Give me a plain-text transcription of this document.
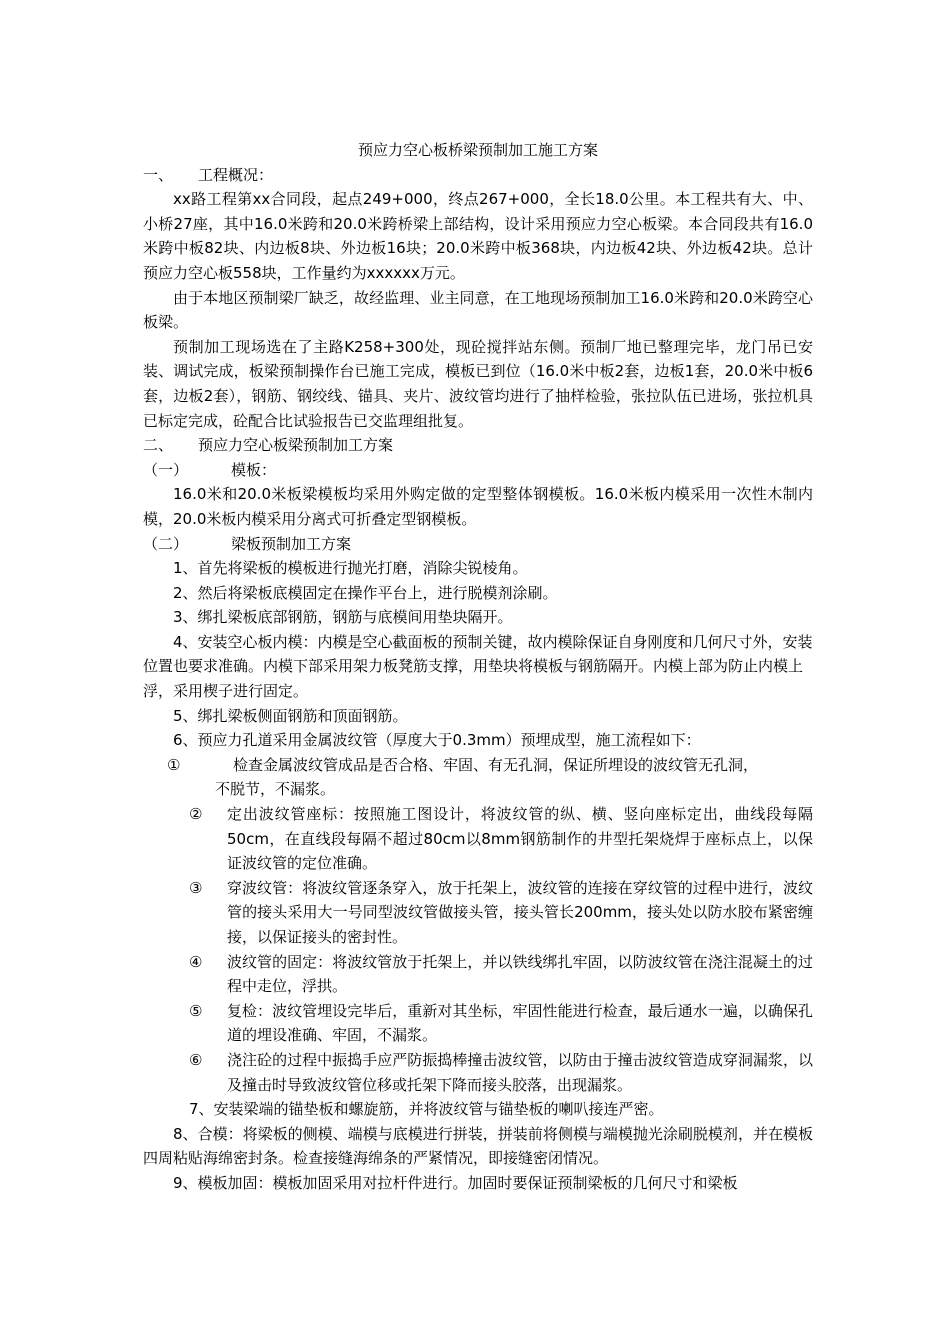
预应力空心板桥梁预制加工施工方案

一、 工程概况：

xx路工程第xx合同段，起点249+000，终点267+000，全长18.0公里。本工程共有大、中、小桥27座，其中16.0米跨和20.0米跨桥梁上部结构，设计采用预应力空心板梁。本合同段共有16.0米跨中板82块、内边板8块、外边板16块；20.0米跨中板368块，内边板42块、外边板42块。总计预应力空心板558块，工作量约为xxxxxx万元。

由于本地区预制梁厂缺乏，故经监理、业主同意，在工地现场预制加工16.0米跨和20.0米跨空心板梁。

预制加工现场选在了主路K258+300处，现砼搅拌站东侧。预制厂地已整理完毕，龙门吊已安装、调试完成，板梁预制操作台已施工完成，模板已到位（16.0米中板2套，边板1套，20.0米中板6套，边板2套），钢筋、钢绞线、锚具、夹片、波纹管均进行了抽样检验，张拉队伍已进场，张拉机具已标定完成，砼配合比试验报告已交监理组批复。

二、 预应力空心板梁预制加工方案

（一）	模板：

16.0米和20.0米板梁模板均采用外购定做的定型整体钢模板。16.0米板内模采用一次性木制内模，20.0米板内模采用分离式可折叠定型钢模板。

（二）	梁板预制加工方案

1、首先将梁板的模板进行抛光打磨，消除尖锐棱角。

2、然后将梁板底模固定在操作平台上，进行脱模剂涂刷。

3、绑扎梁板底部钢筋，钢筋与底模间用垫块隔开。

4、安装空心板内模：内模是空心截面板的预制关键，故内模除保证自身刚度和几何尺寸外，安装位置也要求准确。内模下部采用架力板凳筋支撑，用垫块将模板与钢筋隔开。内模上部为防止内模上浮，采用楔子进行固定。

5、绑扎梁板侧面钢筋和顶面钢筋。

6、预应力孔道采用金属波纹管（厚度大于0.3mm）预埋成型，施工流程如下：

①	检查金属波纹管成品是否合格、牢固、有无孔洞，保证所埋设的波纹管无孔洞，
不脱节，不漏浆。

② 定出波纹管座标：按照施工图设计，将波纹管的纵、横、竖向座标定出，曲线段每隔50cm，在直线段每隔不超过80cm以8mm钢筋制作的井型托架烧焊于座标点上，以保证波纹管的定位准确。

③ 穿波纹管：将波纹管逐条穿入，放于托架上，波纹管的连接在穿纹管的过程中进行，波纹管的接头采用大一号同型波纹管做接头管，接头管长200mm，接头处以防水胶布紧密缠接，以保证接头的密封性。

④ 波纹管的固定：将波纹管放于托架上，并以铁线绑扎牢固，以防波纹管在浇注混凝土的过程中走位，浮拱。

⑤ 复检：波纹管埋设完毕后，重新对其坐标，牢固性能进行检查，最后通水一遍，以确保孔道的埋设准确、牢固，不漏浆。

⑥ 浇注砼的过程中振捣手应严防振捣棒撞击波纹管，以防由于撞击波纹管造成穿洞漏浆，以及撞击时导致波纹管位移或托架下降而接头胶落，出现漏浆。

7、安装梁端的锚垫板和螺旋筋，并将波纹管与锚垫板的喇叭接连严密。

8、合模：将梁板的侧模、端模与底模进行拼装，拼装前将侧模与端模抛光涂刷脱模剂，并在模板四周粘贴海绵密封条。检查接缝海绵条的严紧情况，即接缝密闭情况。

9、模板加固：模板加固采用对拉杆件进行。加固时要保证预制梁板的几何尺寸和梁板
